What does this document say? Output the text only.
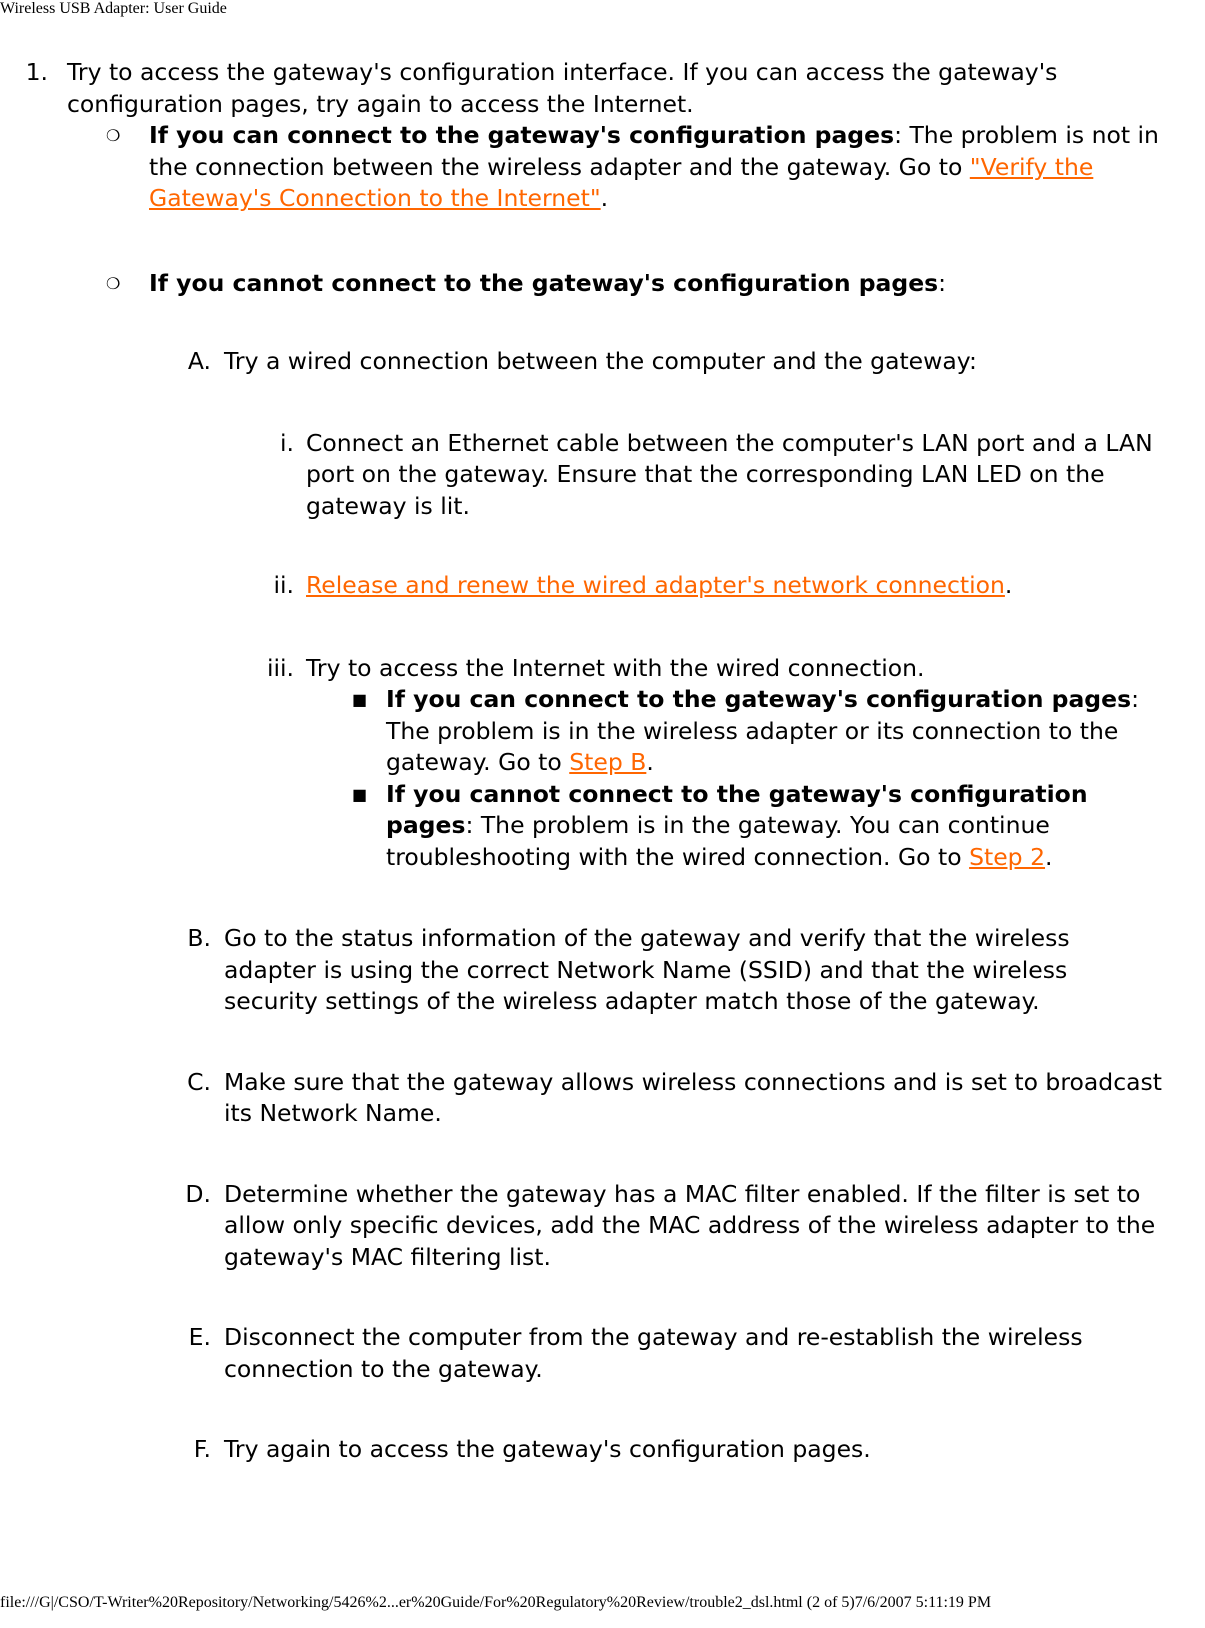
Wireless USB Adapter: User Guide
1. Try to access the gateway's configuration interface. If you can access the gateway's configuration pages, try again to access the Internet.
❍	If you can connect to the gateway's configuration pages: The problem is not in the connection between the wireless adapter and the gateway. Go to "Verify the Gateway's Connection to the Internet".
❍	If you cannot connect to the gateway's configuration pages:
A. Try a wired connection between the computer and the gateway:
i. Connect an Ethernet cable between the computer's LAN port and a LAN port on the gateway. Ensure that the corresponding LAN LED on the gateway is lit.
ii. Release and renew the wired adapter's network connection.
iii. Try to access the Internet with the wired connection.
■ If you can connect to the gateway's configuration pages: The problem is in the wireless adapter or its connection to the gateway. Go to Step B.
■ If you cannot connect to the gateway's configuration pages: The problem is in the gateway. You can continue troubleshooting with the wired connection. Go to Step 2.
B. Go to the status information of the gateway and verify that the wireless adapter is using the correct Network Name (SSID) and that the wireless security settings of the wireless adapter match those of the gateway.
C. Make sure that the gateway allows wireless connections and is set to broadcast its Network Name.
D. Determine whether the gateway has a MAC filter enabled. If the filter is set to allow only specific devices, add the MAC address of the wireless adapter to the gateway's MAC filtering list.
E. Disconnect the computer from the gateway and re-establish the wireless connection to the gateway.
F. Try again to access the gateway's configuration pages.
file:///G|/CSO/T-Writer%20Repository/Networking/5426%2...er%20Guide/For%20Regulatory%20Review/trouble2_dsl.html (2 of 5)7/6/2007 5:11:19 PM
